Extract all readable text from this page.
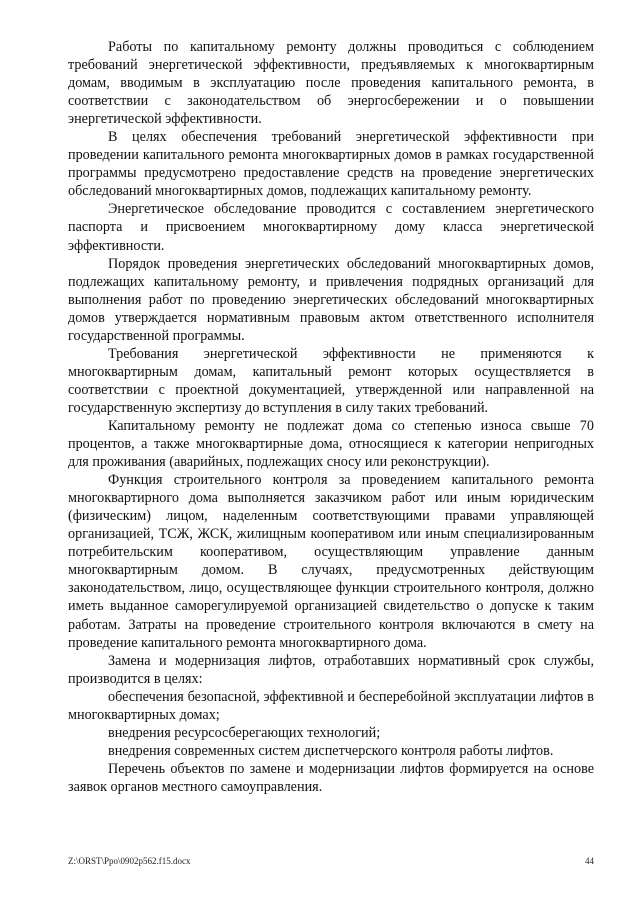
Работы по капитальному ремонту должны проводиться с соблюдением требований энергетической эффективности, предъявляемых к многоквартирным домам, вводимым в эксплуатацию после проведения капитального ремонта, в соответствии с законодательством об энергосбережении и о повышении энергетической эффективности.

В целях обеспечения требований энергетической эффективности при проведении капитального ремонта многоквартирных домов в рамках государственной программы предусмотрено предоставление средств на проведение энергетических обследований многоквартирных домов, подлежащих капитальному ремонту.

Энергетическое обследование проводится с составлением энергетического паспорта и присвоением многоквартирному дому класса энергетической эффективности.

Порядок проведения энергетических обследований многоквартирных домов, подлежащих капитальному ремонту, и привлечения подрядных организаций для выполнения работ по проведению энергетических обследований многоквартирных домов утверждается нормативным правовым актом ответственного исполнителя государственной программы.

Требования энергетической эффективности не применяются к многоквартирным домам, капитальный ремонт которых осуществляется в соответствии с проектной документацией, утвержденной или направленной на государственную экспертизу до вступления в силу таких требований.

Капитальному ремонту не подлежат дома со степенью износа свыше 70 процентов, а также многоквартирные дома, относящиеся к категории непригодных для проживания (аварийных, подлежащих сносу или реконструкции).

Функция строительного контроля за проведением капитального ремонта многоквартирного дома выполняется заказчиком работ или иным юридическим (физическим) лицом, наделенным соответствующими правами управляющей организацией, ТСЖ, ЖСК, жилищным кооперативом или иным специализированным потребительским кооперативом, осуществляющим управление данным многоквартирным домом. В случаях, предусмотренных действующим законодательством, лицо, осуществляющее функции строительного контроля, должно иметь выданное саморегулируемой организацией свидетельство о допуске к таким работам. Затраты на проведение строительного контроля включаются в смету на проведение капитального ремонта многоквартирного дома.

Замена и модернизация лифтов, отработавших нормативный срок службы, производится в целях:

обеспечения безопасной, эффективной и бесперебойной эксплуатации лифтов в многоквартирных домах;

внедрения ресурсосберегающих технологий;

внедрения современных систем диспетчерского контроля работы лифтов.

Перечень объектов по замене и модернизации лифтов формируется на основе заявок органов местного самоуправления.

Z:\ORST\Ppo\0902p562.f15.docx	44
